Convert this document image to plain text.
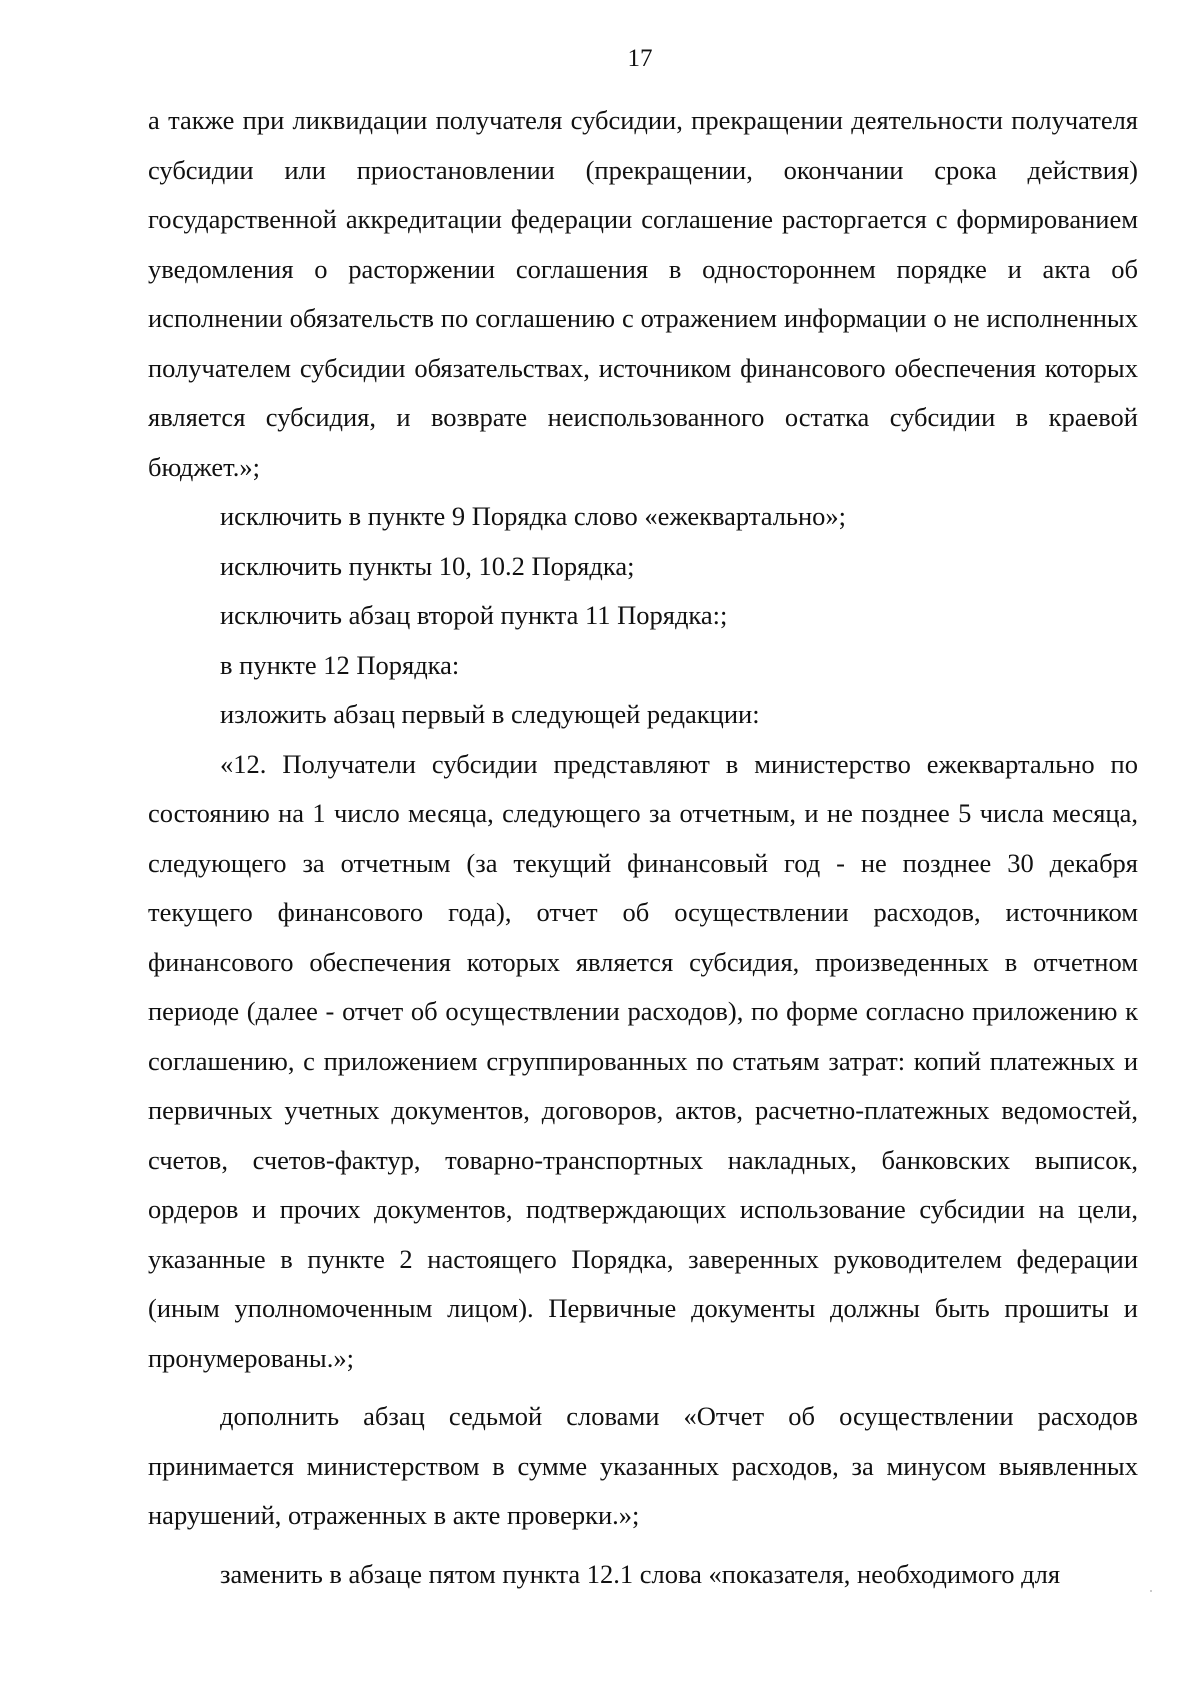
17

а также при ликвидации получателя субсидии, прекращении деятельности получателя субсидии или приостановлении (прекращении, окончании срока действия) государственной аккредитации федерации соглашение расторгается с формированием уведомления о расторжении соглашения в одностороннем порядке и акта об исполнении обязательств по соглашению с отражением информации о не исполненных получателем субсидии обязательствах, источником финансового обеспечения которых является субсидия, и возврате неиспользованного остатка субсидии в краевой бюджет.»;

исключить в пункте 9 Порядка слово «ежеквартально»;

исключить пункты 10, 10.2 Порядка;

исключить абзац второй пункта 11 Порядка:;

в пункте 12 Порядка:

изложить абзац первый в следующей редакции:

«12. Получатели субсидии представляют в министерство ежеквартально по состоянию на 1 число месяца, следующего за отчетным, и не позднее 5 числа месяца, следующего за отчетным (за текущий финансовый год - не позднее 30 декабря текущего финансового года), отчет об осуществлении расходов, источником финансового обеспечения которых является субсидия, произведенных в отчетном периоде (далее - отчет об осуществлении расходов), по форме согласно приложению к соглашению, с приложением сгруппированных по статьям затрат: копий платежных и первичных учетных документов, договоров, актов, расчетно-платежных ведомостей, счетов, счетов-фактур, товарно-транспортных накладных, банковских выписок, ордеров и прочих документов, подтверждающих использование субсидии на цели, указанные в пункте 2 настоящего Порядка, заверенных руководителем федерации (иным уполномоченным лицом). Первичные документы должны быть прошиты и пронумерованы.»;

дополнить абзац седьмой словами «Отчет об осуществлении расходов принимается министерством в сумме указанных расходов, за минусом выявленных нарушений, отраженных в акте проверки.»;

заменить в абзаце пятом пункта 12.1 слова «показателя, необходимого для
